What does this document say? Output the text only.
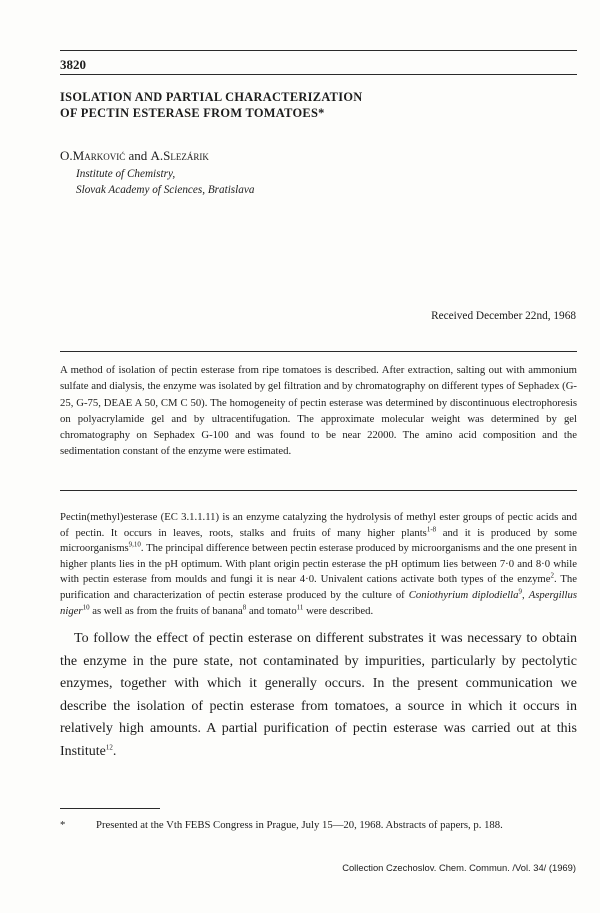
3820
ISOLATION AND PARTIAL CHARACTERIZATION
OF PECTIN ESTERASE FROM TOMATOES*
O.Marković and A.Slezárik
Institute of Chemistry,
Slovak Academy of Sciences, Bratislava
Received December 22nd, 1968

A method of isolation of pectin esterase from ripe tomatoes is described. After extraction, salting out with ammonium sulfate and dialysis, the enzyme was isolated by gel filtration and by chromatography on different types of Sephadex (G-25, G-75, DEAE A 50, CM C 50). The homogeneity of pectin esterase was determined by discontinuous electrophoresis on polyacrylamide gel and by ultracentifugation. The approximate molecular weight was determined by gel chromatography on Sephadex G-100 and was found to be near 22000. The amino acid composition and the sedimentation constant of the enzyme were estimated.

Pectin(methyl)esterase (EC 3.1.1.11) is an enzyme catalyzing the hydrolysis of methyl ester groups of pectic acids and of pectin. It occurs in leaves, roots, stalks and fruits of many higher plants$^{1-8}$ and it is produced by some microorganisms$^{9,10}$. The principal difference between pectin esterase produced by microorganisms and the one present in higher plants lies in the pH optimum. With plant origin pectin esterase the pH optimum lies between 7·0 and 8·0 while with pectin esterase from moulds and fungi it is near 4·0. Univalent cations activate both types of the enzyme$^2$. The purification and characterization of pectin esterase produced by the culture of Coniothyrium diplodiella$^9$, Aspergillus niger$^{10}$ as well as from the fruits of banana$^8$ and tomato$^{11}$ were described.

To follow the effect of pectin esterase on different substrates it was necessary to obtain the enzyme in the pure state, not contaminated by impurities, particularly by pectolytic enzymes, together with which it generally occurs. In the present communication we describe the isolation of pectin esterase from tomatoes, a source in which it occurs in relatively high amounts. A partial purification of pectin esterase was carried out at this Institute$^{12}$.

*	Presented at the Vth FEBS Congress in Prague, July 15—20, 1968. Abstracts of papers, p. 188.

Collection Czechoslov. Chem. Commun. /Vol. 34/ (1969)
